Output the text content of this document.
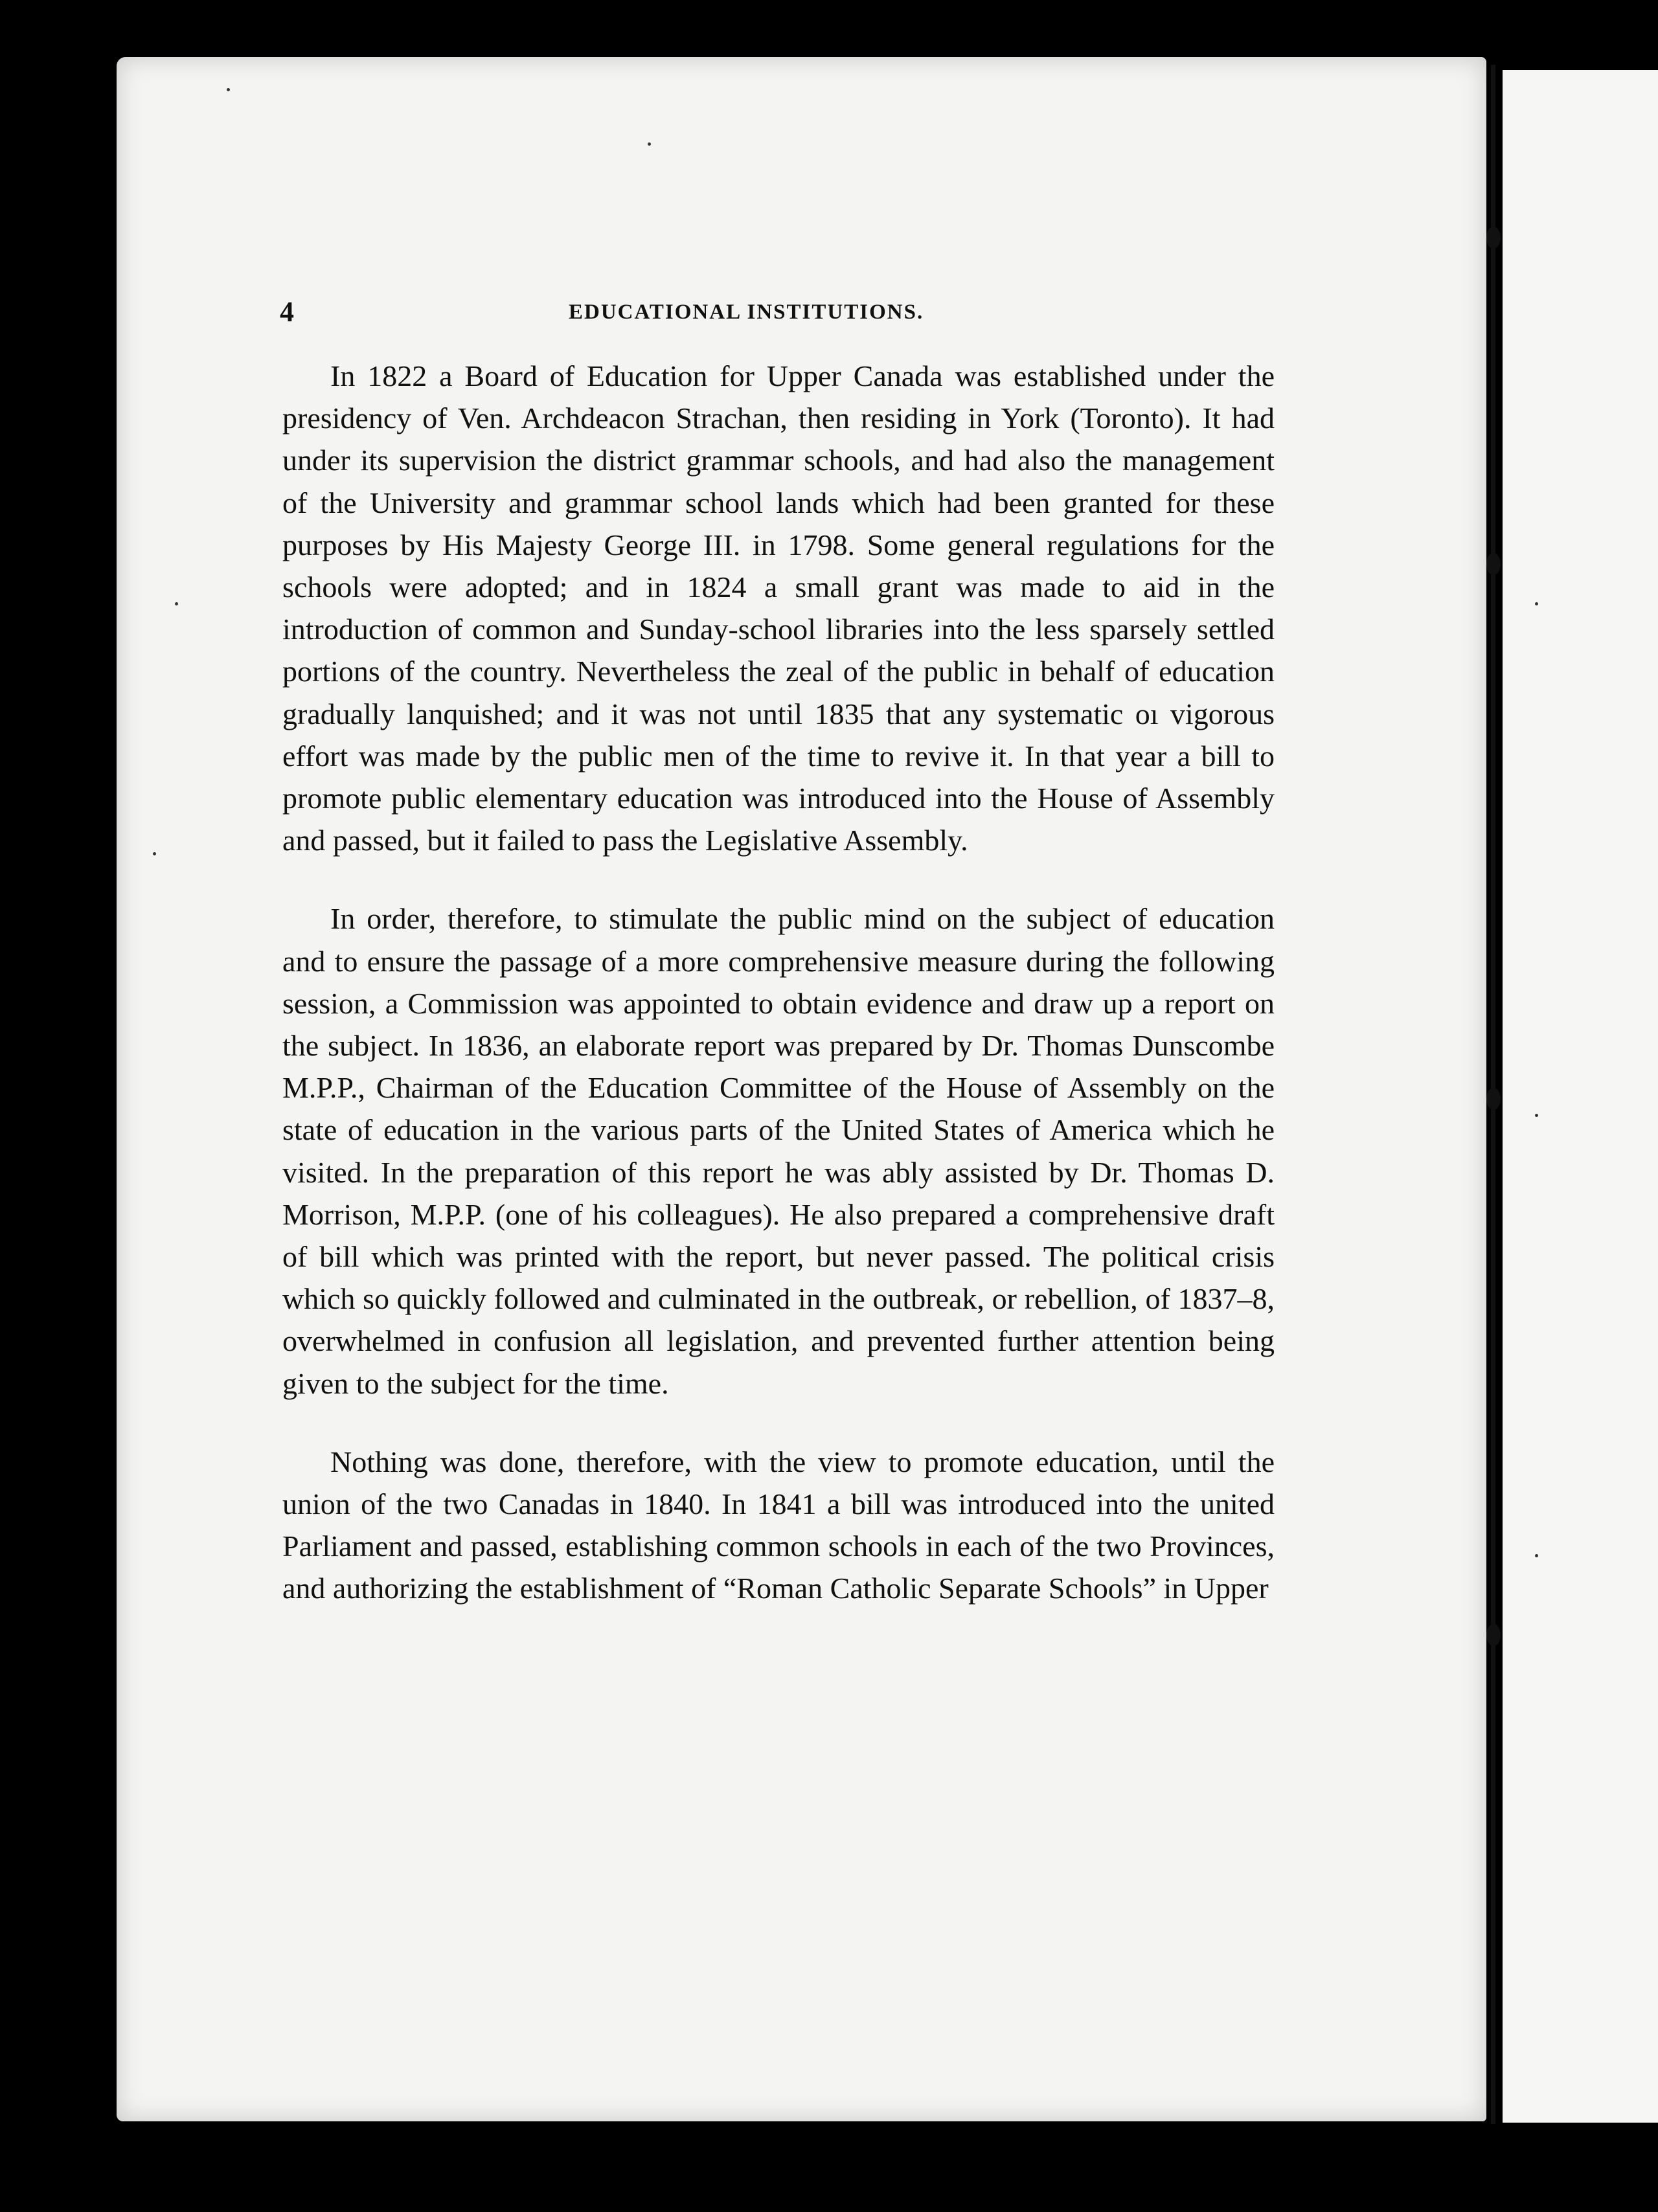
4	EDUCATIONAL INSTITUTIONS.

In 1822 a Board of Education for Upper Canada was established under the presidency of Ven. Archdeacon Strachan, then residing in York (Toronto). It had under its supervision the district grammar schools, and had also the management of the University and grammar school lands which had been granted for these purposes by His Majesty George III. in 1798. Some general regulations for the schools were adopted; and in 1824 a small grant was made to aid in the introduction of common and Sunday-school libraries into the less sparsely settled portions of the country. Nevertheless the zeal of the public in behalf of education gradually lanquished; and it was not until 1835 that any systematic oı vigorous effort was made by the public men of the time to revive it. In that year a bill to promote public elementary education was introduced into the House of Assembly and passed, but it failed to pass the Legislative Assembly.

In order, therefore, to stimulate the public mind on the subject of education and to ensure the passage of a more comprehensive measure during the following session, a Commission was appointed to obtain evidence and draw up a report on the subject. In 1836, an elaborate report was prepared by Dr. Thomas Dunscombe M.P.P., Chairman of the Education Committee of the House of Assembly on the state of education in the various parts of the United States of America which he visited. In the preparation of this report he was ably assisted by Dr. Thomas D. Morrison, M.P.P. (one of his colleagues). He also prepared a comprehensive draft of bill which was printed with the report, but never passed. The political crisis which so quickly followed and culminated in the outbreak, or rebellion, of 1837–8, overwhelmed in confusion all legislation, and prevented further attention being given to the subject for the time.

Nothing was done, therefore, with the view to promote education, until the union of the two Canadas in 1840. In 1841 a bill was introduced into the united Parliament and passed, establishing common schools in each of the two Provinces, and authorizing the establishment of “Roman Catholic Separate Schools” in Upper
